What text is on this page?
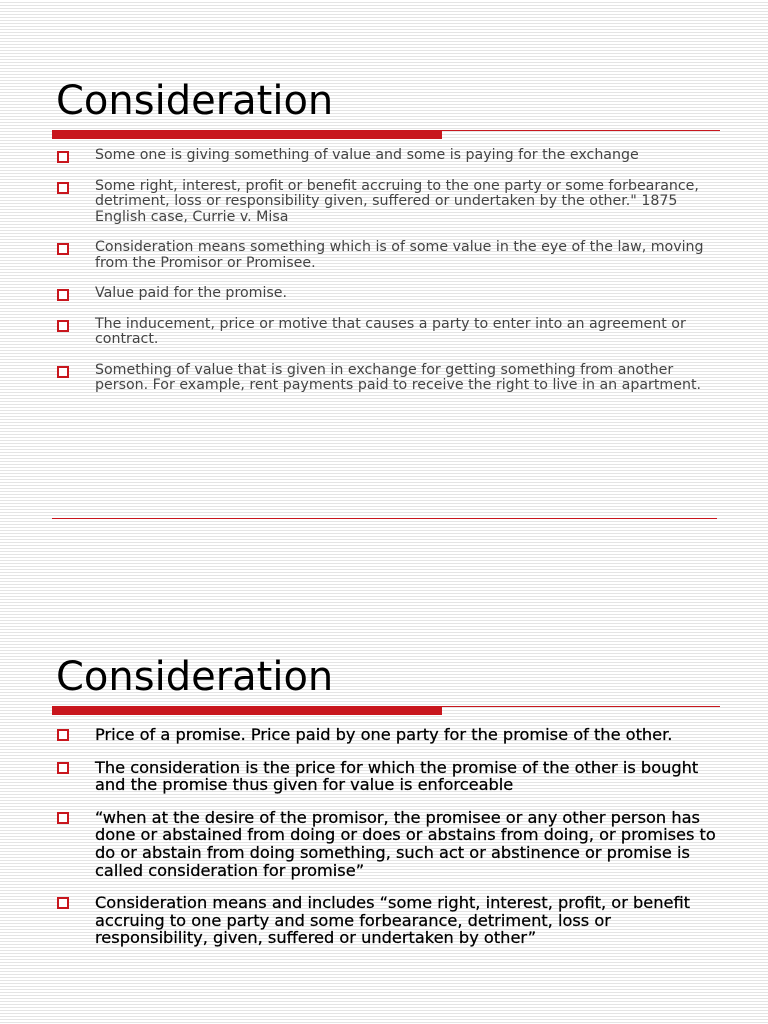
Consideration
Some one is giving something of value and some is paying for the exchange
Some right, interest, profit or benefit accruing to the one party or some forbearance, detriment, loss or responsibility given, suffered or undertaken by the other." 1875 English case, Currie v. Misa
Consideration means something which is of some value in the eye of the law, moving from the Promisor or Promisee.
Value paid for the promise.
The inducement, price or motive that causes a party to enter into an agreement or contract.
Something of value that is given in exchange for getting something from another person. For example, rent payments paid to receive the right to live in an apartment.
Consideration
Price of a promise. Price paid by one party for the promise of the other.
The consideration is the price for which the promise of the other is bought and the promise thus given for value is enforceable
“when at the desire of the promisor, the promisee or any other person has done or abstained from doing or does or abstains from doing, or promises to do or abstain from doing something, such act or abstinence or promise is called consideration for promise”
Consideration means and includes “some right, interest, profit, or benefit accruing to one party and some forbearance, detriment, loss or responsibility, given, suffered or undertaken by other”
